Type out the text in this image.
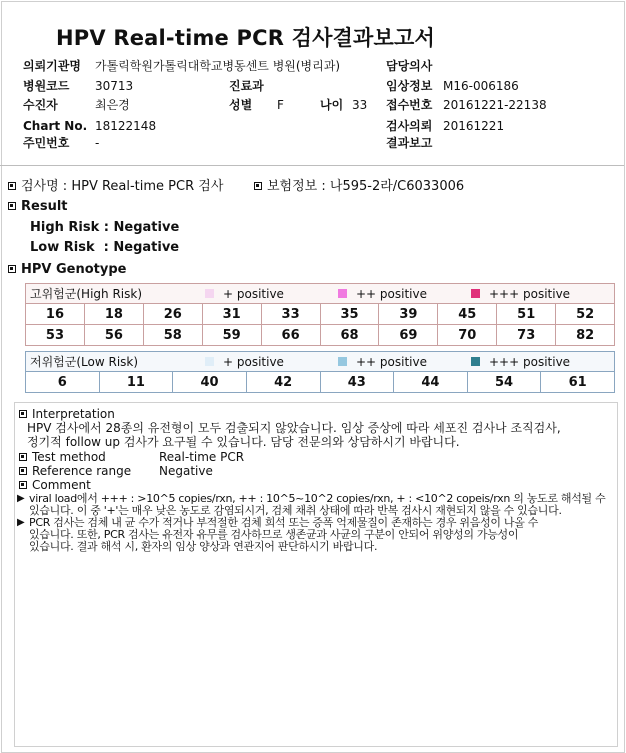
HPV Real-time PCR 검사결과보고서
의뢰기관명 가톨릭학원가톨릭대학교병동센트 병원(병리과)	담당의사
병원코드 30713	진료과	임상정보 M16-006186
수진자	최은경	성별 F	나이 33 접수번호 20161221-22138
Chart No. 18122148	검사의뢰 20161221
주민번호 -	결과보고
검사명 : HPV Real-time PCR 검사	보험정보 : 나595-2라/C6033006
Result
High Risk : Negative
Low Risk  : Negative
HPV Genotype
고위험군(High Risk)	+ positive	++ positive	+++ positive
16	18	26	31	33	35	39	45	51	52
53	56	58	59	66	68	69	70	73	82
저위험군(Low Risk)	+ positive	++ positive	+++ positive
6	11	40	42	43	44	54	61
Interpretation
HPV 검사에서 28종의 유전형이 모두 검출되지 않았습니다. 임상 증상에 따라 세포진 검사나 조직검사,
정기적 follow up 검사가 요구될 수 있습니다. 담당 전문의와 상담하시기 바랍니다.
Test method	Real-time PCR
Reference range Negative
Comment
▶ viral load에서 +++ : >10^5 copies/rxn, ++ : 10^5~10^2 copies/rxn, + : <10^2 copeis/rxn 의 농도로 해석될 수
있습니다. 이 중 '+'는 매우 낮은 농도로 감염되시거, 검체 채취 상태에 따라 반복 검사시 재현되지 않을 수 있습니다.
▶ PCR 검사는 검체 내 균 수가 적거나 부적절한 검체 희석 또는 증폭 억제물질이 존재하는 경우 위음성이 나올 수
있습니다. 또한, PCR 검사는 유전자 유무를 검사하므로 생존균과 사균의 구분이 안되어 위양성의 가능성이
있습니다. 결과 해석 시, 환자의 임상 양상과 연관지어 판단하시기 바랍니다.
